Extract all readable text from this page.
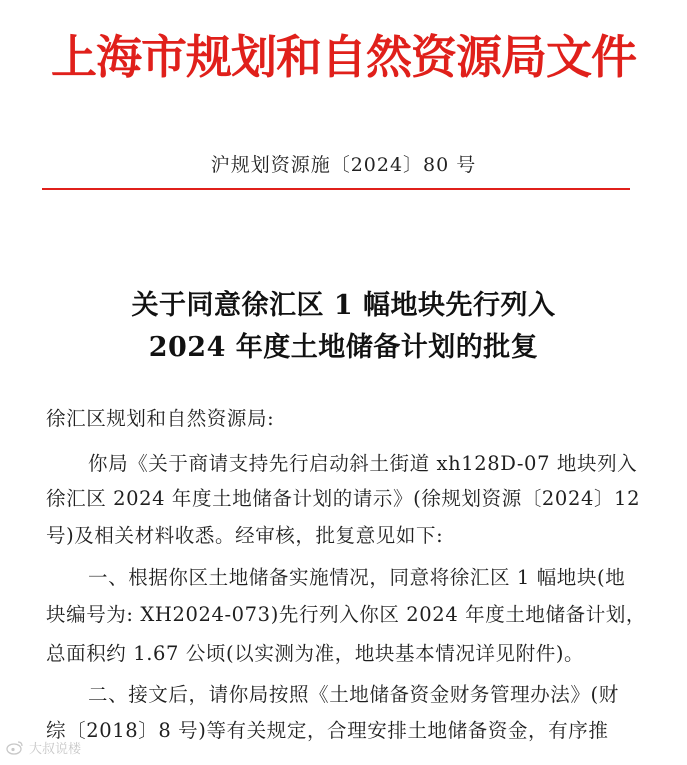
上海市规划和自然资源局文件
沪规划资源施〔2024〕80 号
关于同意徐汇区 1 幅地块先行列入
2024 年度土地储备计划的批复
徐汇区规划和自然资源局:
你局《关于商请支持先行启动斜土街道 xh128D-07 地块列入
徐汇区 2024 年度土地储备计划的请示》(徐规划资源〔2024〕12
号)及相关材料收悉。经审核，批复意见如下:
一、根据你区土地储备实施情况，同意将徐汇区 1 幅地块(地
块编号为: XH2024-073)先行列入你区 2024 年度土地储备计划，
总面积约 1.67 公顷(以实测为准，地块基本情况详见附件)。
二、接文后，请你局按照《土地储备资金财务管理办法》(财
综〔2018〕8 号)等有关规定，合理安排土地储备资金，有序推
大叔说楼
